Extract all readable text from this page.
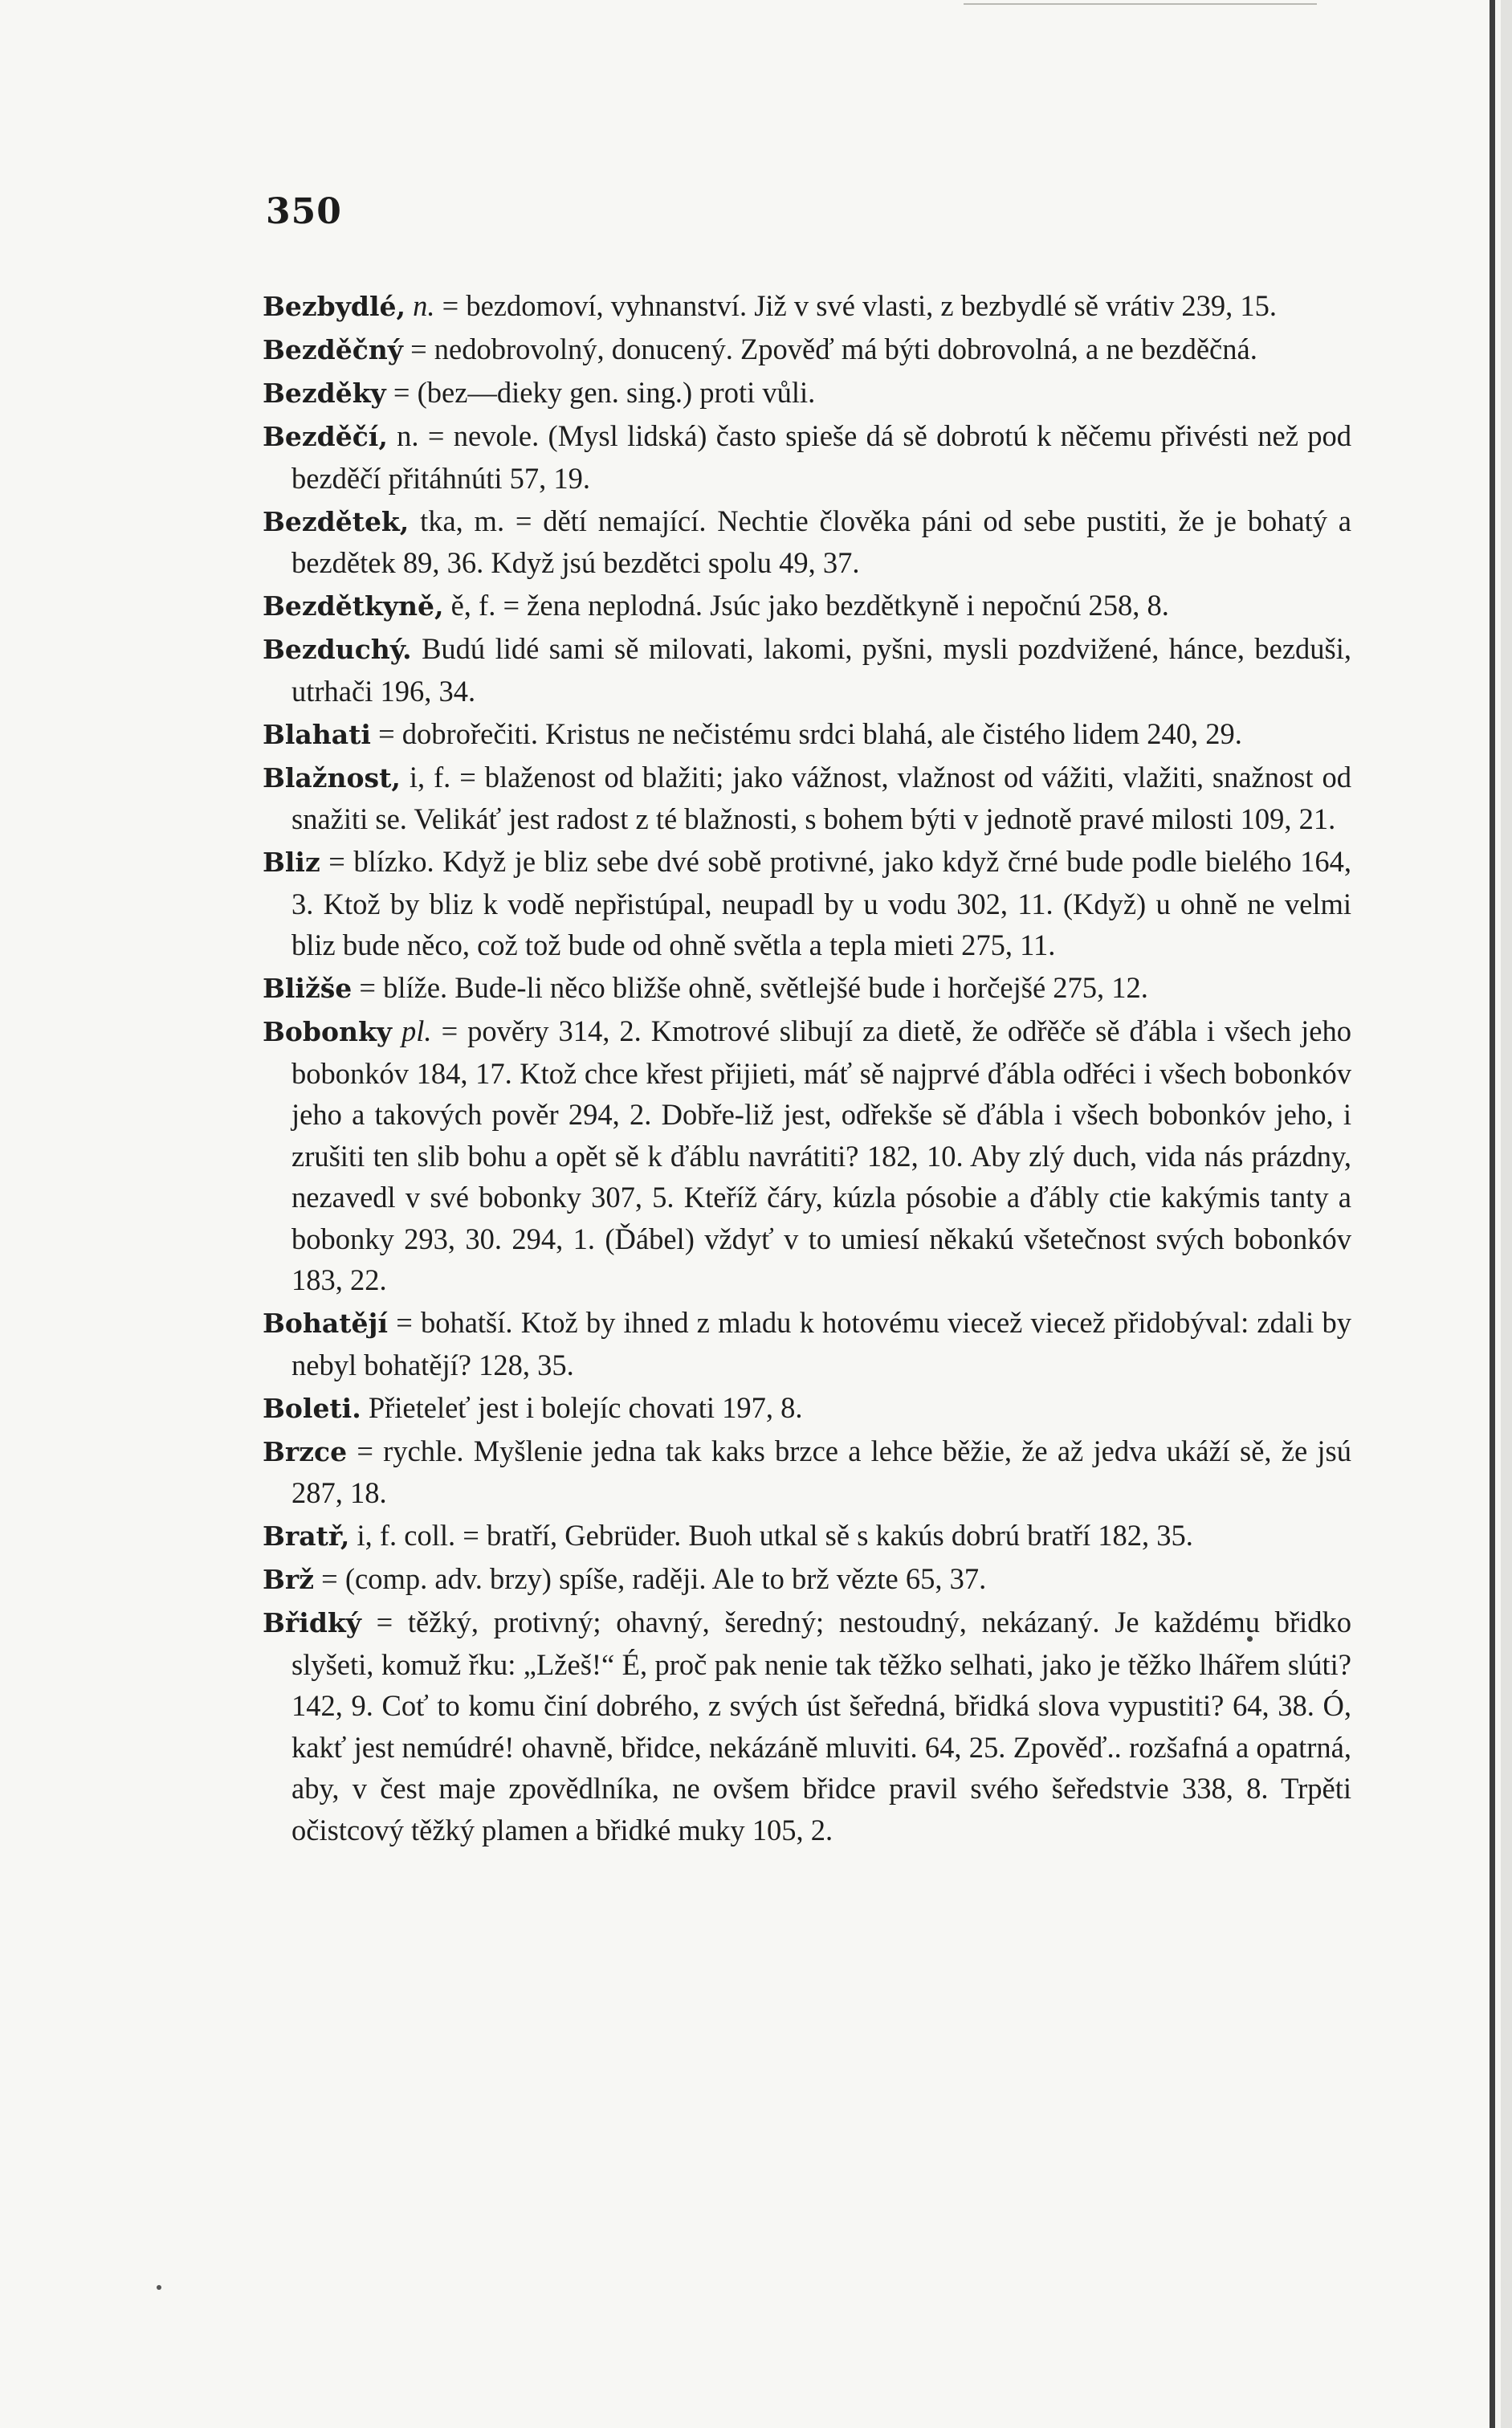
350

Bezbydlé, n. = bezdomoví, vyhnanství. Již v své vlasti, z bezbydlé sě vrátiv 239, 15.

Bezděčný = nedobrovolný, donucený. Zpověď má býti dobrovolná, a ne bezděčná.

Bezděky = (bez—dieky gen. sing.) proti vůli.

Bezděčí, n. = nevole. (Mysl lidská) často spieše dá sě dobrotú k něčemu přivésti než pod bezděčí přitáhnúti 57, 19.

Bezdětek, tka, m. = dětí nemající. Nechtie člověka páni od sebe pustiti, že je bohatý a bezdětek 89, 36. Když jsú bezdětci spolu 49, 37.

Bezdětkyně, ě, f. = žena neplodná. Jsúc jako bezdětkyně i nepočnú 258, 8.

Bezduchý. Budú lidé sami sě milovati, lakomi, pyšni, mysli pozdvižené, hánce, bezduši, utrhači 196, 34.

Blahati = dobrořečiti. Kristus ne nečistému srdci blahá, ale čistého lidem 240, 29.

Blažnost, i, f. = blaženost od blažiti; jako vážnost, vlažnost od vážiti, vlažiti, snažnost od snažiti se. Velikáť jest radost z té blažnosti, s bohem býti v jednotě pravé milosti 109, 21.

Bliz = blízko. Když je bliz sebe dvé sobě protivné, jako když črné bude podle bielého 164, 3. Ktož by bliz k vodě nepřistúpal, neupadl by u vodu 302, 11. (Když) u ohně ne velmi bliz bude něco, což tož bude od ohně světla a tepla mieti 275, 11.

Bližše = blíže. Bude-li něco bližše ohně, světlejšé bude i horčejšé 275, 12.

Bobonky pl. = pověry 314, 2. Kmotrové slibují za dietě, že odřěče sě ďábla i všech jeho bobonkóv 184, 17. Ktož chce křest přijieti, máť sě najprvé ďábla odřéci i všech bobonkóv jeho a takových pověr 294, 2. Dobře-liž jest, odřekše sě ďábla i všech bobonkóv jeho, i zrušiti ten slib bohu a opět sě k ďáblu navrátiti? 182, 10. Aby zlý duch, vida nás prázdny, nezavedl v své bobonky 307, 5. Kteříž čáry, kúzla pósobie a ďábly ctie kakýmis tanty a bobonky 293, 30. 294, 1. (Ďábel) vždyť v to umiesí někakú všetečnost svých bobonkóv 183, 22.

Bohatějí = bohatší. Ktož by ihned z mladu k hotovému viecež viecež přidobýval: zdali by nebyl bohatějí? 128, 35.

Boleti. Přieteleť jest i bolejíc chovati 197, 8.

Brzce = rychle. Myšlenie jedna tak kaks brzce a lehce běžie, že až jedva ukáží sě, že jsú 287, 18.

Bratř, i, f. coll. = bratří, Gebrüder. Buoh utkal sě s kakús dobrú bratří 182, 35.

Brž = (comp. adv. brzy) spíše, raději. Ale to brž vězte 65, 37.

Břidký = těžký, protivný; ohavný, šeredný; nestoudný, nekázaný. Je každému břidko slyšeti, komuž řku: „Lžeš!“ É, proč pak nenie tak těžko selhati, jako je těžko lhářem slúti? 142, 9. Coť to komu činí dobrého, z svých úst šeředná, břidká slova vypustiti? 64, 38. Ó, kakť jest nemúdré! ohavně, břidce, nekázáně mluviti. 64, 25. Zpověď.. rozšafná a opatrná, aby, v čest maje zpovědlníka, ne ovšem břidce pravil svého šeředstvie 338, 8. Trpěti očistcový těžký plamen a břidké muky 105, 2.
